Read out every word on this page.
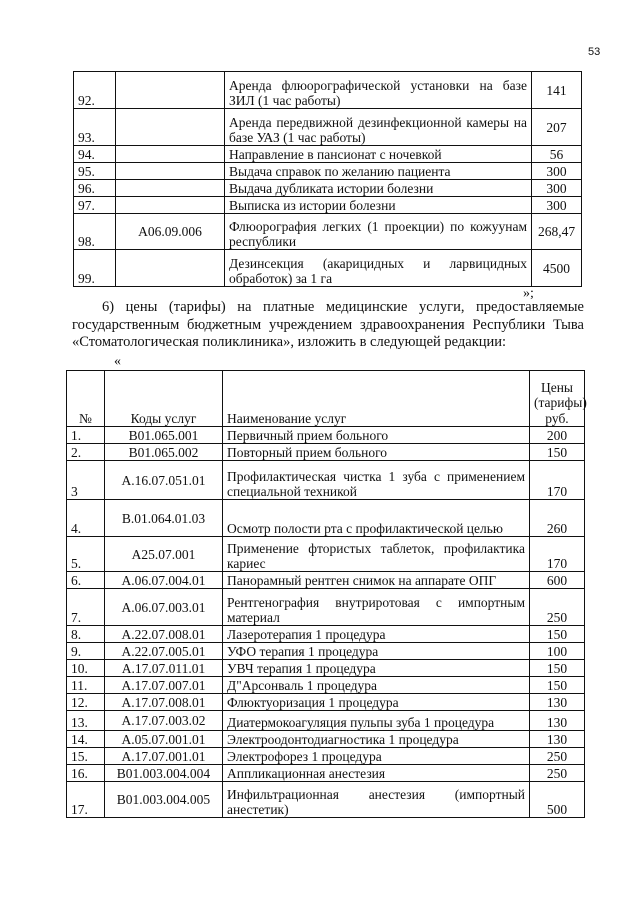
53
92.		Аренда флюорографической установки на базе ЗИЛ (1 час работы)	141
93.		Аренда передвижной дезинфекционной камеры на базе УАЗ (1 час работы)	207
94.		Направление в пансионат с ночевкой	56
95.		Выдача справок по желанию пациента	300
96.		Выдача дубликата истории болезни	300
97.		Выписка из истории болезни	300
98.	А06.09.006	Флюорография легких (1 проекции) по кожуунам республики	268,47
99.		Дезинсекция (акарицидных и ларвицидных обработок) за 1 га	4500
»;
6) цены (тарифы) на платные медицинские услуги, предоставляемые
государственным бюджетным учреждением здравоохранения Республики Тыва
«Стоматологическая поликлиника», изложить в следующей редакции:
«
№	Коды услуг	Наименование услуг	Цены
(тарифы)
руб.

1.	В01.065.001	Первичный прием больного	200
2.	В01.065.002	Повторный прием больного	150
3	А.16.07.051.01	Профилактическая чистка 1 зуба с применением специальной техникой	170
4.	В.01.064.01.03	Осмотр полости рта с профилактической целью	260
5.	А25.07.001	Применение фтористых таблеток, профилактика кариес	170
6.	А.06.07.004.01	Панорамный рентген снимок на аппарате ОПГ	600
7.	А.06.07.003.01	Рентгенография внутриротовая с импортным материал	250
8.	А.22.07.008.01	Лазеротерапия 1 процедура	150
9.	А.22.07.005.01	УФО терапия 1 процедура	100
10.	А.17.07.011.01	УВЧ терапия 1 процедура	150
11.	А.17.07.007.01	Д"Арсонваль 1 процедура	150
12.	А.17.07.008.01	Флюктуоризация 1 процедура	130
13.	А.17.07.003.02	Диатермокоагуляция пульпы зуба 1 процедура	130
14.	А.05.07.001.01	Электроодонтодиагностика 1 процедура	130
15.	А.17.07.001.01	Электрофорез 1 процедура	250
16.	В01.003.004.004	Аппликационная анестезия	250
17.	В01.003.004.005	Инфильтрационная анестезия (импортный анестетик)	500
